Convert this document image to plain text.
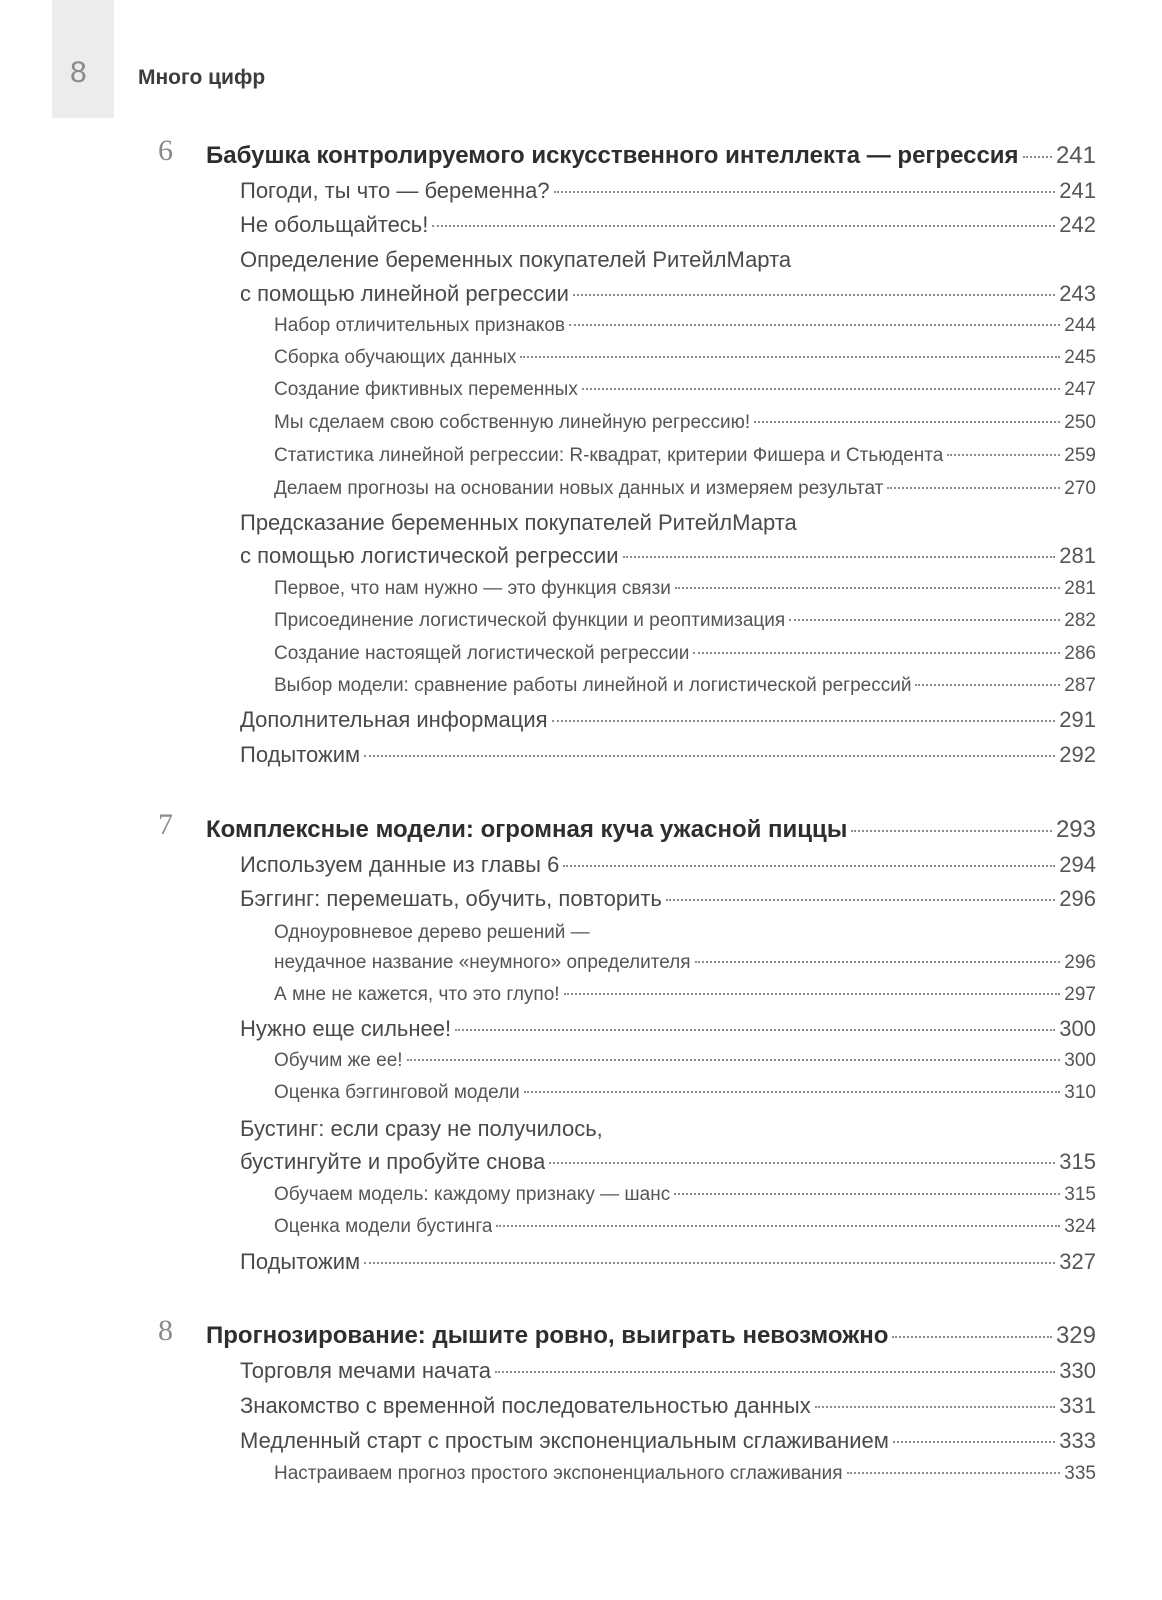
8 Много цифр
6 Бабушка контролируемого искусственного интеллекта — регрессия 241
Погоди, ты что — беременна?	241
Не обольщайтесь!	242
Определение беременных покупателей РитейлМарта
с помощью линейной регрессии	243
Набор отличительных признаков	244
Сборка обучающих данных	245
Создание фиктивных переменных	247
Мы сделаем свою собственную линейную регрессию!	250
Статистика линейной регрессии: R-квадрат, критерии Фишера и Стьюдента	259
Делаем прогнозы на основании новых данных и измеряем результат	270
Предсказание беременных покупателей РитейлМарта
с помощью логистической регрессии	281
Первое, что нам нужно — это функция связи	281
Присоединение логистической функции и реоптимизация	282
Создание настоящей логистической регрессии	286
Выбор модели: сравнение работы линейной и логистической регрессий	287
Дополнительная информация	291
Подытожим	292
7 Комплексные модели: огромная куча ужасной пиццы	293
Используем данные из главы 6	294
Бэггинг: перемешать, обучить, повторить	296
Одноуровневое дерево решений —
неудачное название «неумного» определителя	296
А мне не кажется, что это глупо!	297
Нужно еще сильнее!	300
Обучим же ее!	300
Оценка бэггинговой модели	310
Бустинг: если сразу не получилось,
бустингуйте и пробуйте снова	315
Обучаем модель: каждому признаку — шанс	315
Оценка модели бустинга	324
Подытожим	327
8 Прогнозирование: дышите ровно, выиграть невозможно	329
Торговля мечами начата	330
Знакомство с временной последовательностью данных	331
Медленный старт с простым экспоненциальным сглаживанием	333
Настраиваем прогноз простого экспоненциального сглаживания	335
